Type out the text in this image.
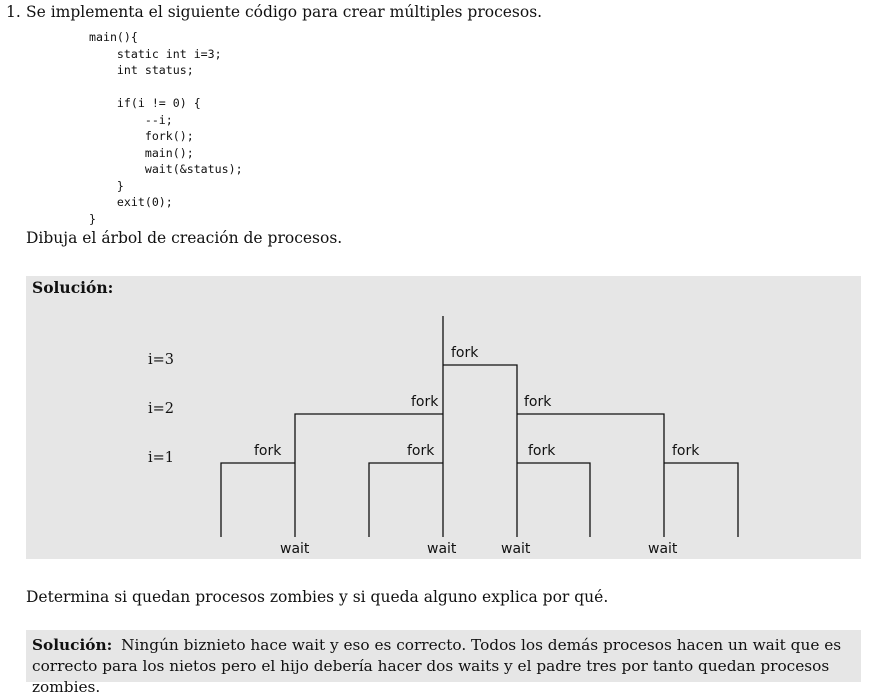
1. Se implementa el siguiente código para crear múltiples procesos.
main(){
static int i=3;
int status;

if(i != 0) {
--i;
fork();
main();
wait(&status);
}
exit(0);
}
Dibuja el árbol de creación de procesos.
Solución:
i=3
i=2
i=1
fork
fork	fork
fork	fork	fork	fork
wait	wait	wait	wait
Determina si quedan procesos zombies y si queda alguno explica por qué.
Solución: Ningún biznieto hace wait y eso es correcto. Todos los demás procesos hacen un wait que es correcto para los nietos pero el hijo debería hacer dos waits y el padre tres por tanto quedan procesos zombies.
